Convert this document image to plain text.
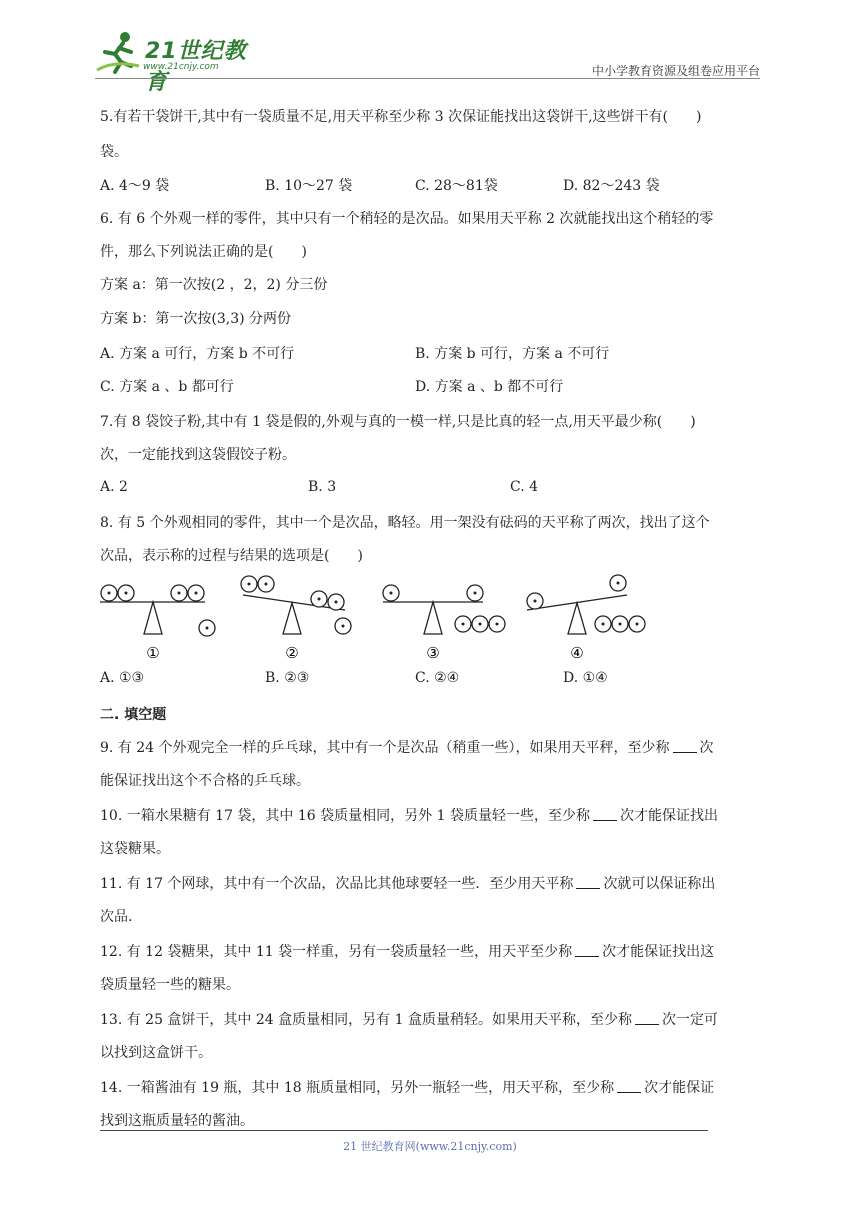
21世纪教育
www.21cnjy.com	中小学教育资源及组卷应用平台
5.有若干袋饼干,其中有一袋质量不足,用天平称至少称 3 次保证能找出这袋饼干,这些饼干有(　　)
袋。
A. 4～9 袋	B. 10～27 袋	C. 28～81袋	D. 82～243 袋
6. 有 6 个外观一样的零件，其中只有一个稍轻的是次品。如果用天平称 2 次就能找出这个稍轻的零
件，那么下列说法正确的是(　　)
方案 a：第一次按(2 ，2，2) 分三份
方案 b：第一次按(3,3) 分两份
A. 方案 a 可行，方案 b 不可行	B. 方案 b 可行，方案 a 不可行
C. 方案 a 、b 都可行	D. 方案 a 、b 都不可行
7.有 8 袋饺子粉,其中有 1 袋是假的,外观与真的一模一样,只是比真的轻一点,用天平最少称(　　)
次，一定能找到这袋假饺子粉。
A. 2	B. 3	C. 4
8. 有 5 个外观相同的零件，其中一个是次品，略轻。用一架没有砝码的天平称了两次，找出了这个
次品，表示称的过程与结果的选项是(　　)
①	②	③	④
A. ①③	B. ②③	C. ②④	D. ①④
二. 填空题
9. 有 24 个外观完全一样的乒乓球，其中有一个是次品（稍重一些），如果用天平秤，至少称 次
能保证找出这个不合格的乒乓球。
10. 一箱水果糖有 17 袋，其中 16 袋质量相同，另外 1 袋质量轻一些，至少称 次才能保证找出
这袋糖果。
11. 有 17 个网球，其中有一个次品，次品比其他球要轻一些．至少用天平称 次就可以保证称出
次品.
12. 有 12 袋糖果，其中 11 袋一样重，另有一袋质量轻一些，用天平至少称 次才能保证找出这
袋质量轻一些的糖果。
13. 有 25 盒饼干，其中 24 盒质量相同，另有 1 盒质量稍轻。如果用天平称，至少称 次一定可
以找到这盒饼干。
14. 一箱酱油有 19 瓶，其中 18 瓶质量相同，另外一瓶轻一些，用天平称，至少称 次才能保证
找到这瓶质量轻的酱油。
21 世纪教育网(www.21cnjy.com)
